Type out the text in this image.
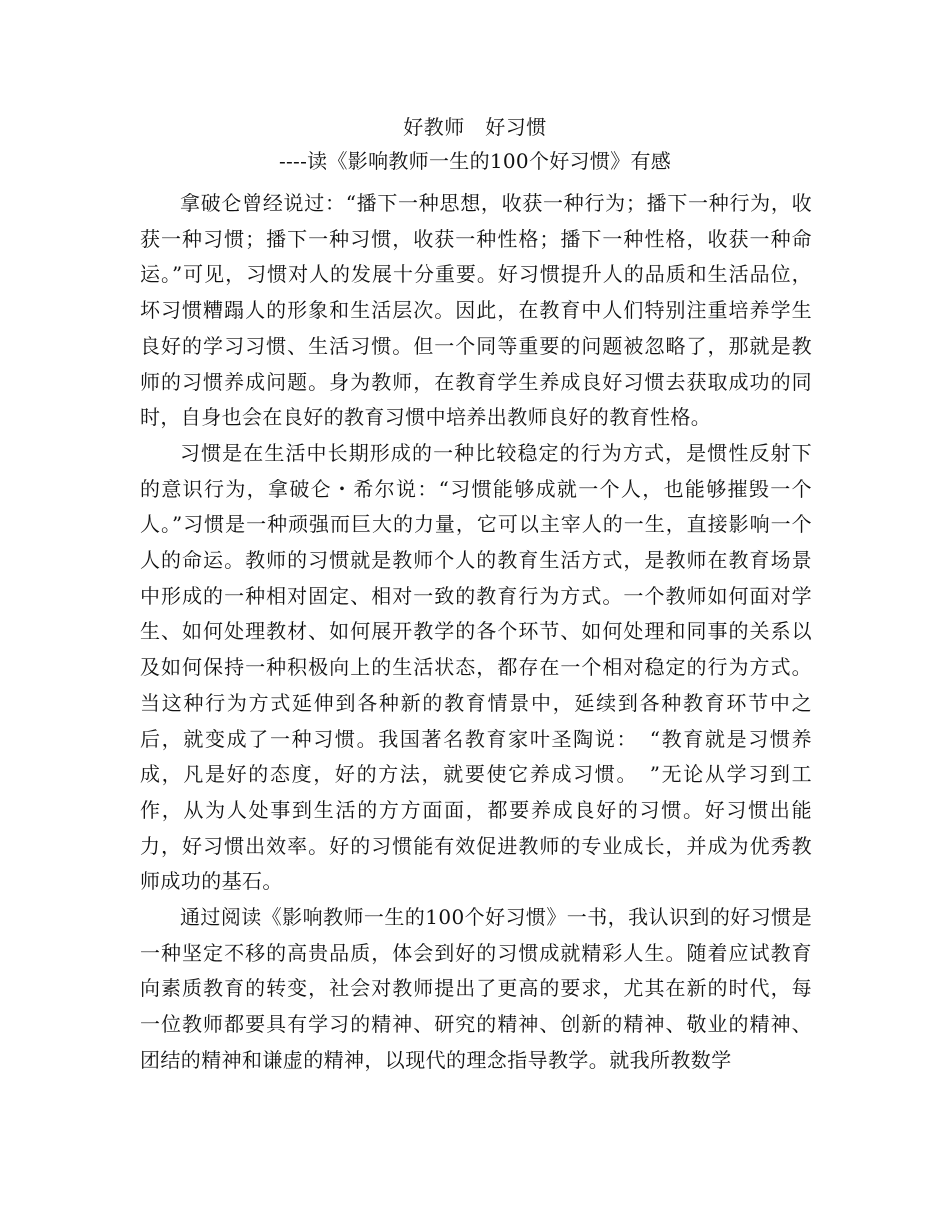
好教师　好习惯
----读《影响教师一生的100个好习惯》有感

拿破仑曾经说过：“播下一种思想，收获一种行为；播下一种行为，收获一种习惯；播下一种习惯，收获一种性格；播下一种性格，收获一种命运。”可见，习惯对人的发展十分重要。好习惯提升人的品质和生活品位，坏习惯糟蹋人的形象和生活层次。因此，在教育中人们特别注重培养学生良好的学习习惯、生活习惯。但一个同等重要的问题被忽略了，那就是教师的习惯养成问题。身为教师，在教育学生养成良好习惯去获取成功的同时，自身也会在良好的教育习惯中培养出教师良好的教育性格。

习惯是在生活中长期形成的一种比较稳定的行为方式，是惯性反射下的意识行为，拿破仑・希尔说：“习惯能够成就一个人，也能够摧毁一个人。”习惯是一种顽强而巨大的力量，它可以主宰人的一生，直接影响一个人的命运。教师的习惯就是教师个人的教育生活方式，是教师在教育场景中形成的一种相对固定、相对一致的教育行为方式。一个教师如何面对学生、如何处理教材、如何展开教学的各个环节、如何处理和同事的关系以及如何保持一种积极向上的生活状态，都存在一个相对稳定的行为方式。当这种行为方式延伸到各种新的教育情景中，延续到各种教育环节中之后，就变成了一种习惯。我国著名教育家叶圣陶说：　“教育就是习惯养成，凡是好的态度，好的方法，就要使它养成习惯。　”无论从学习到工作，从为人处事到生活的方方面面，都要养成良好的习惯。好习惯出能力，好习惯出效率。好的习惯能有效促进教师的专业成长，并成为优秀教师成功的基石。

通过阅读《影响教师一生的100个好习惯》一书，我认识到的好习惯是一种坚定不移的高贵品质，体会到好的习惯成就精彩人生。随着应试教育向素质教育的转变，社会对教师提出了更高的要求，尤其在新的时代，每一位教师都要具有学习的精神、研究的精神、创新的精神、敬业的精神、团结的精神和谦虚的精神，以现代的理念指导教学。就我所教数学
